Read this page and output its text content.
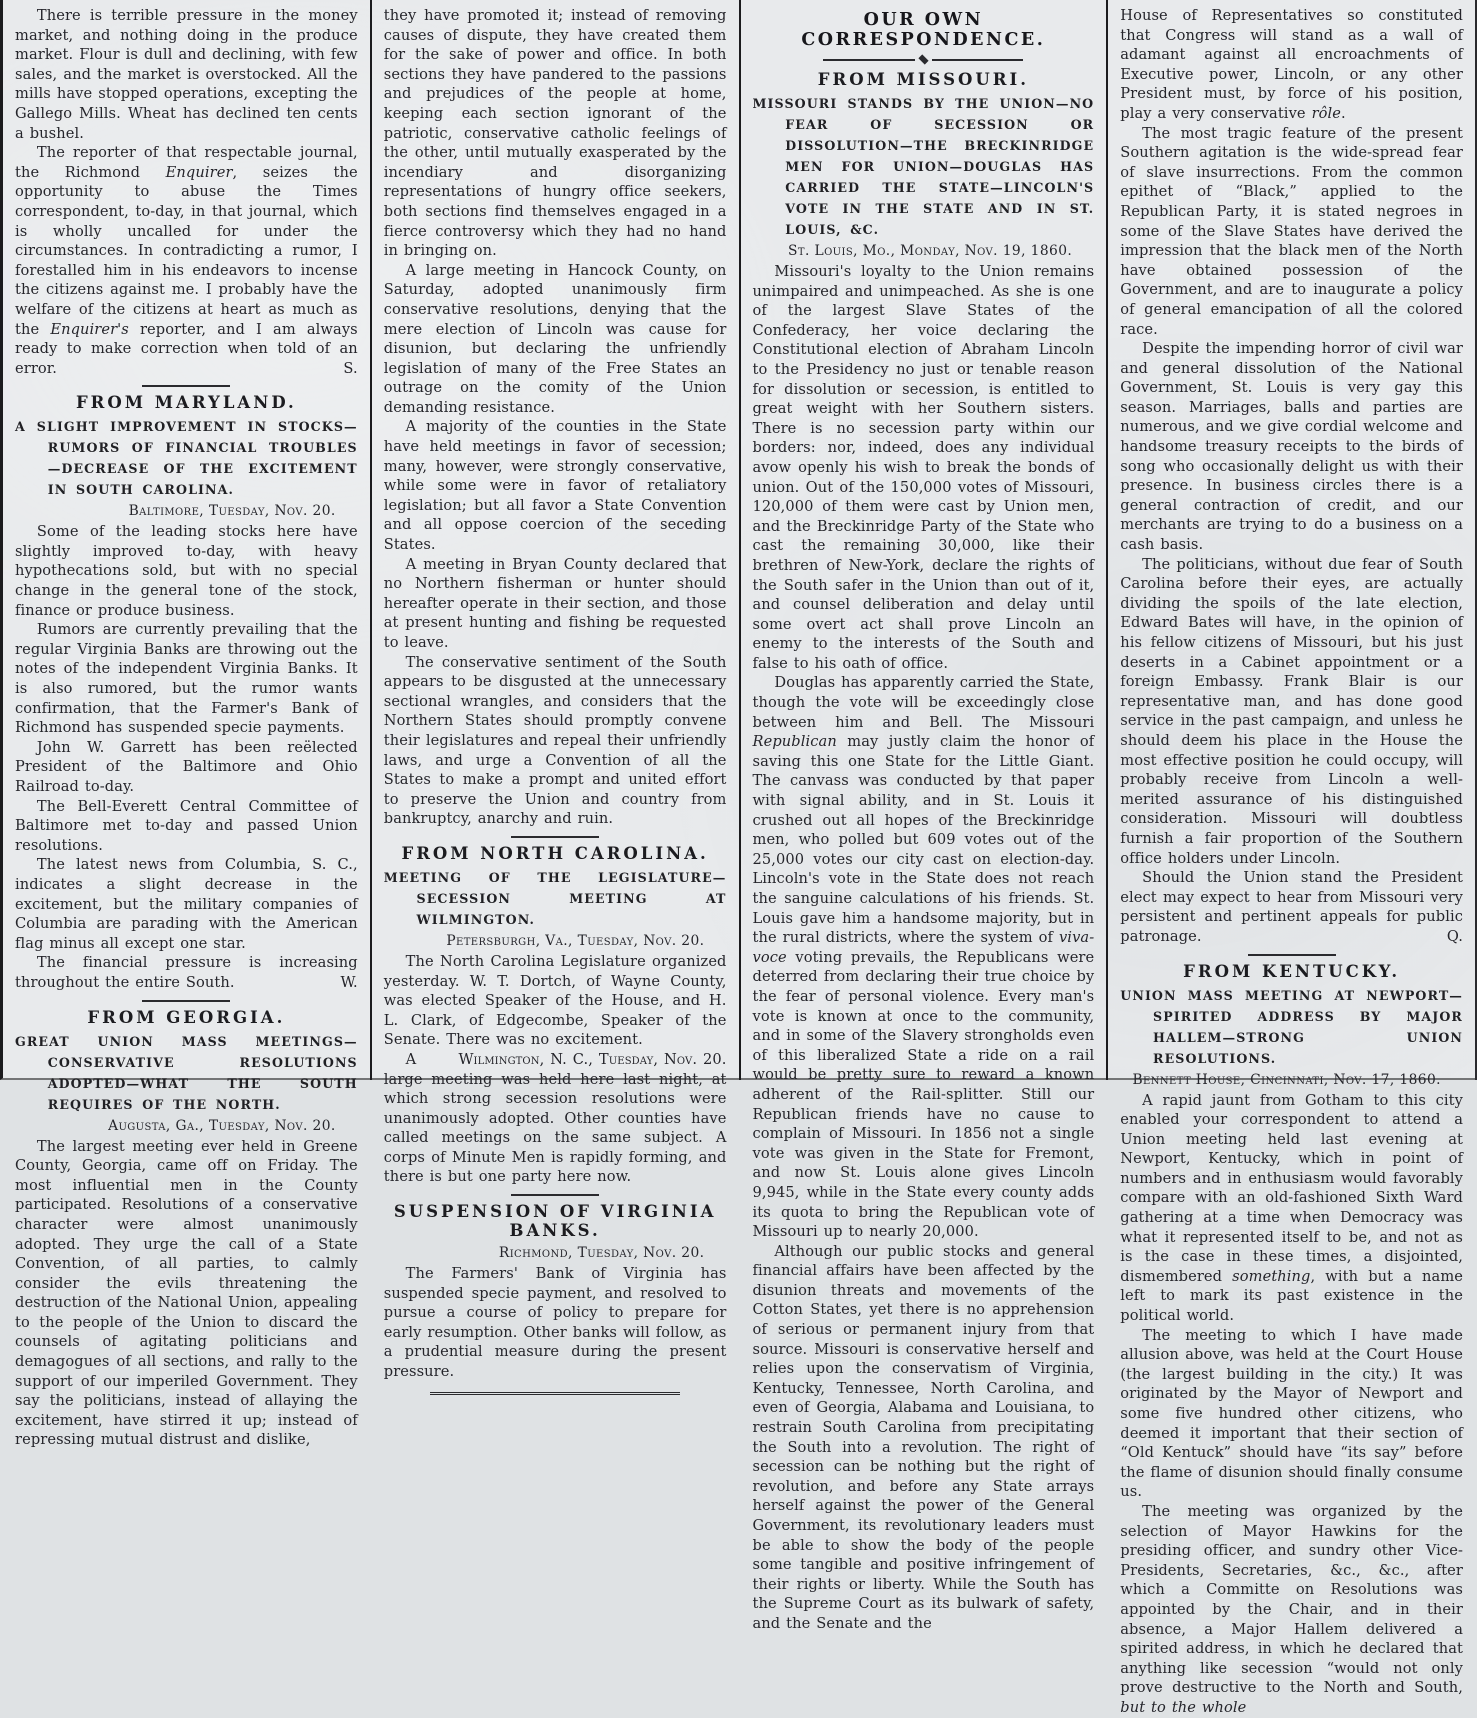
There is terrible pressure in the money market, and nothing doing in the produce market. Flour is dull and declining, with few sales, and the market is overstocked. All the mills have stopped operations, excepting the Gallego Mills. Wheat has declined ten cents a bushel.

The reporter of that respectable journal, the Richmond Enquirer, seizes the opportunity to abuse the Times correspondent, to-day, in that journal, which is wholly uncalled for under the circumstances. In contradicting a rumor, I forestalled him in his endeavors to incense the citizens against me. I probably have the welfare of the citizens at heart as much as the Enquirer's reporter, and I am always ready to make correction when told of an error.	S.

FROM MARYLAND.

A SLIGHT IMPROVEMENT IN STOCKS—RUMORS OF FINANCIAL TROUBLES—DECREASE OF THE EXCITEMENT IN SOUTH CAROLINA.

Baltimore, Tuesday, Nov. 20.

Some of the leading stocks here have slightly improved to-day, with heavy hypothecations sold, but with no special change in the general tone of the stock, finance or produce business.

Rumors are currently prevailing that the regular Virginia Banks are throwing out the notes of the independent Virginia Banks. It is also rumored, but the rumor wants confirmation, that the Farmer's Bank of Richmond has suspended specie payments.

John W. Garrett has been reëlected President of the Baltimore and Ohio Railroad to-day.

The Bell-Everett Central Committee of Baltimore met to-day and passed Union resolutions.

The latest news from Columbia, S. C., indicates a slight decrease in the excitement, but the military companies of Columbia are parading with the American flag minus all except one star.

The financial pressure is increasing throughout the entire South.	W.

FROM GEORGIA.

GREAT UNION MASS MEETINGS—CONSERVATIVE RESOLUTIONS ADOPTED—WHAT THE SOUTH REQUIRES OF THE NORTH.

Augusta, Ga., Tuesday, Nov. 20.

The largest meeting ever held in Greene County, Georgia, came off on Friday. The most influential men in the County participated. Resolutions of a conservative character were almost unanimously adopted. They urge the call of a State Convention, of all parties, to calmly consider the evils threatening the destruction of the National Union, appealing to the people of the Union to discard the counsels of agitating politicians and demagogues of all sections, and rally to the support of our imperiled Government. They say the politicians, instead of allaying the excitement, have stirred it up; instead of repressing mutual distrust and dislike,

they have promoted it; instead of removing causes of dispute, they have created them for the sake of power and office. In both sections they have pandered to the passions and prejudices of the people at home, keeping each section ignorant of the patriotic, conservative catholic feelings of the other, until mutually exasperated by the incendiary and disorganizing representations of hungry office seekers, both sections find themselves engaged in a fierce controversy which they had no hand in bringing on.

A large meeting in Hancock County, on Saturday, adopted unanimously firm conservative resolutions, denying that the mere election of Lincoln was cause for disunion, but declaring the unfriendly legislation of many of the Free States an outrage on the comity of the Union demanding resistance.

A majority of the counties in the State have held meetings in favor of secession; many, however, were strongly conservative, while some were in favor of retaliatory legislation; but all favor a State Convention and all oppose coercion of the seceding States.

A meeting in Bryan County declared that no Northern fisherman or hunter should hereafter operate in their section, and those at present hunting and fishing be requested to leave.

The conservative sentiment of the South appears to be disgusted at the unnecessary sectional wrangles, and considers that the Northern States should promptly convene their legislatures and repeal their unfriendly laws, and urge a Convention of all the States to make a prompt and united effort to preserve the Union and country from bankruptcy, anarchy and ruin.

FROM NORTH CAROLINA.

MEETING OF THE LEGISLATURE—SECESSION MEETING AT WILMINGTON.

Petersburgh, Va., Tuesday, Nov. 20.

The North Carolina Legislature organized yesterday. W. T. Dortch, of Wayne County, was elected Speaker of the House, and H. L. Clark, of Edgecombe, Speaker of the Senate. There was no excitement.
Wilmington, N. C., Tuesday, Nov. 20.

A large meeting was held here last night, at which strong secession resolutions were unanimously adopted. Other counties have called meetings on the same subject. A corps of Minute Men is rapidly forming, and there is but one party here now.

SUSPENSION OF VIRGINIA BANKS.

Richmond, Tuesday, Nov. 20.

The Farmers' Bank of Virginia has suspended specie payment, and resolved to pursue a course of policy to prepare for early resumption. Other banks will follow, as a prudential measure during the present pressure.

OUR OWN CORRESPONDENCE.
FROM MISSOURI.

MISSOURI STANDS BY THE UNION—NO FEAR OF SECESSION OR DISSOLUTION—THE BRECKINRIDGE MEN FOR UNION—DOUGLAS HAS CARRIED THE STATE—LINCOLN'S VOTE IN THE STATE AND IN ST. LOUIS, &C.

St. Louis, Mo., Monday, Nov. 19, 1860.

Missouri's loyalty to the Union remains unimpaired and unimpeached. As she is one of the largest Slave States of the Confederacy, her voice declaring the Constitutional election of Abraham Lincoln to the Presidency no just or tenable reason for dissolution or secession, is entitled to great weight with her Southern sisters. There is no secession party within our borders: nor, indeed, does any individual avow openly his wish to break the bonds of union. Out of the 150,000 votes of Missouri, 120,000 of them were cast by Union men, and the Breckinridge Party of the State who cast the remaining 30,000, like their brethren of New-York, declare the rights of the South safer in the Union than out of it, and counsel deliberation and delay until some overt act shall prove Lincoln an enemy to the interests of the South and false to his oath of office.

Douglas has apparently carried the State, though the vote will be exceedingly close between him and Bell. The Missouri Republican may justly claim the honor of saving this one State for the Little Giant. The canvass was conducted by that paper with signal ability, and in St. Louis it crushed out all hopes of the Breckinridge men, who polled but 609 votes out of the 25,000 votes our city cast on election-day. Lincoln's vote in the State does not reach the sanguine calculations of his friends. St. Louis gave him a handsome majority, but in the rural districts, where the system of viva-voce voting prevails, the Republicans were deterred from declaring their true choice by the fear of personal violence. Every man's vote is known at once to the community, and in some of the Slavery strongholds even of this liberalized State a ride on a rail would be pretty sure to reward a known adherent of the Rail-splitter. Still our Republican friends have no cause to complain of Missouri. In 1856 not a single vote was given in the State for Fremont, and now St. Louis alone gives Lincoln 9,945, while in the State every county adds its quota to bring the Republican vote of Missouri up to nearly 20,000.

Although our public stocks and general financial affairs have been affected by the disunion threats and movements of the Cotton States, yet there is no apprehension of serious or permanent injury from that source. Missouri is conservative herself and relies upon the conservatism of Virginia, Kentucky, Tennessee, North Carolina, and even of Georgia, Alabama and Louisiana, to restrain South Carolina from precipitating the South into a revolution. The right of secession can be nothing but the right of revolution, and before any State arrays herself against the power of the General Government, its revolutionary leaders must be able to show the body of the people some tangible and positive infringement of their rights or liberty. While the South has the Supreme Court as its bulwark of safety, and the Senate and the

House of Representatives so constituted that Congress will stand as a wall of adamant against all encroachments of Executive power, Lincoln, or any other President must, by force of his position, play a very conservative rôle.

The most tragic feature of the present Southern agitation is the wide-spread fear of slave insurrections. From the common epithet of “Black,” applied to the Republican Party, it is stated negroes in some of the Slave States have derived the impression that the black men of the North have obtained possession of the Government, and are to inaugurate a policy of general emancipation of all the colored race.

Despite the impending horror of civil war and general dissolution of the National Government, St. Louis is very gay this season. Marriages, balls and parties are numerous, and we give cordial welcome and handsome treasury receipts to the birds of song who occasionally delight us with their presence. In business circles there is a general contraction of credit, and our merchants are trying to do a business on a cash basis.

The politicians, without due fear of South Carolina before their eyes, are actually dividing the spoils of the late election, Edward Bates will have, in the opinion of his fellow citizens of Missouri, but his just deserts in a Cabinet appointment or a foreign Embassy. Frank Blair is our representative man, and has done good service in the past campaign, and unless he should deem his place in the House the most effective position he could occupy, will probably receive from Lincoln a well-merited assurance of his distinguished consideration. Missouri will doubtless furnish a fair proportion of the Southern office holders under Lincoln.

Should the Union stand the President elect may expect to hear from Missouri very persistent and pertinent appeals for public patronage.	Q.

FROM KENTUCKY.

UNION MASS MEETING AT NEWPORT—SPIRITED ADDRESS BY MAJOR HALLEM—STRONG UNION RESOLUTIONS.

Bennett House, Cincinnati, Nov. 17, 1860.

A rapid jaunt from Gotham to this city enabled your correspondent to attend a Union meeting held last evening at Newport, Kentucky, which in point of numbers and in enthusiasm would favorably compare with an old-fashioned Sixth Ward gathering at a time when Democracy was what it represented itself to be, and not as is the case in these times, a disjointed, dismembered something, with but a name left to mark its past existence in the political world.

The meeting to which I have made allusion above, was held at the Court House (the largest building in the city.) It was originated by the Mayor of Newport and some five hundred other citizens, who deemed it important that their section of “Old Kentuck” should have “its say” before the flame of disunion should finally consume us.

The meeting was organized by the selection of Mayor Hawkins for the presiding officer, and sundry other Vice-Presidents, Secretaries, &c., &c., after which a Committe on Resolutions was appointed by the Chair, and in their absence, a Major Hallem delivered a spirited address, in which he declared that anything like secession “would not only prove destructive to the North and South, but to the whole
